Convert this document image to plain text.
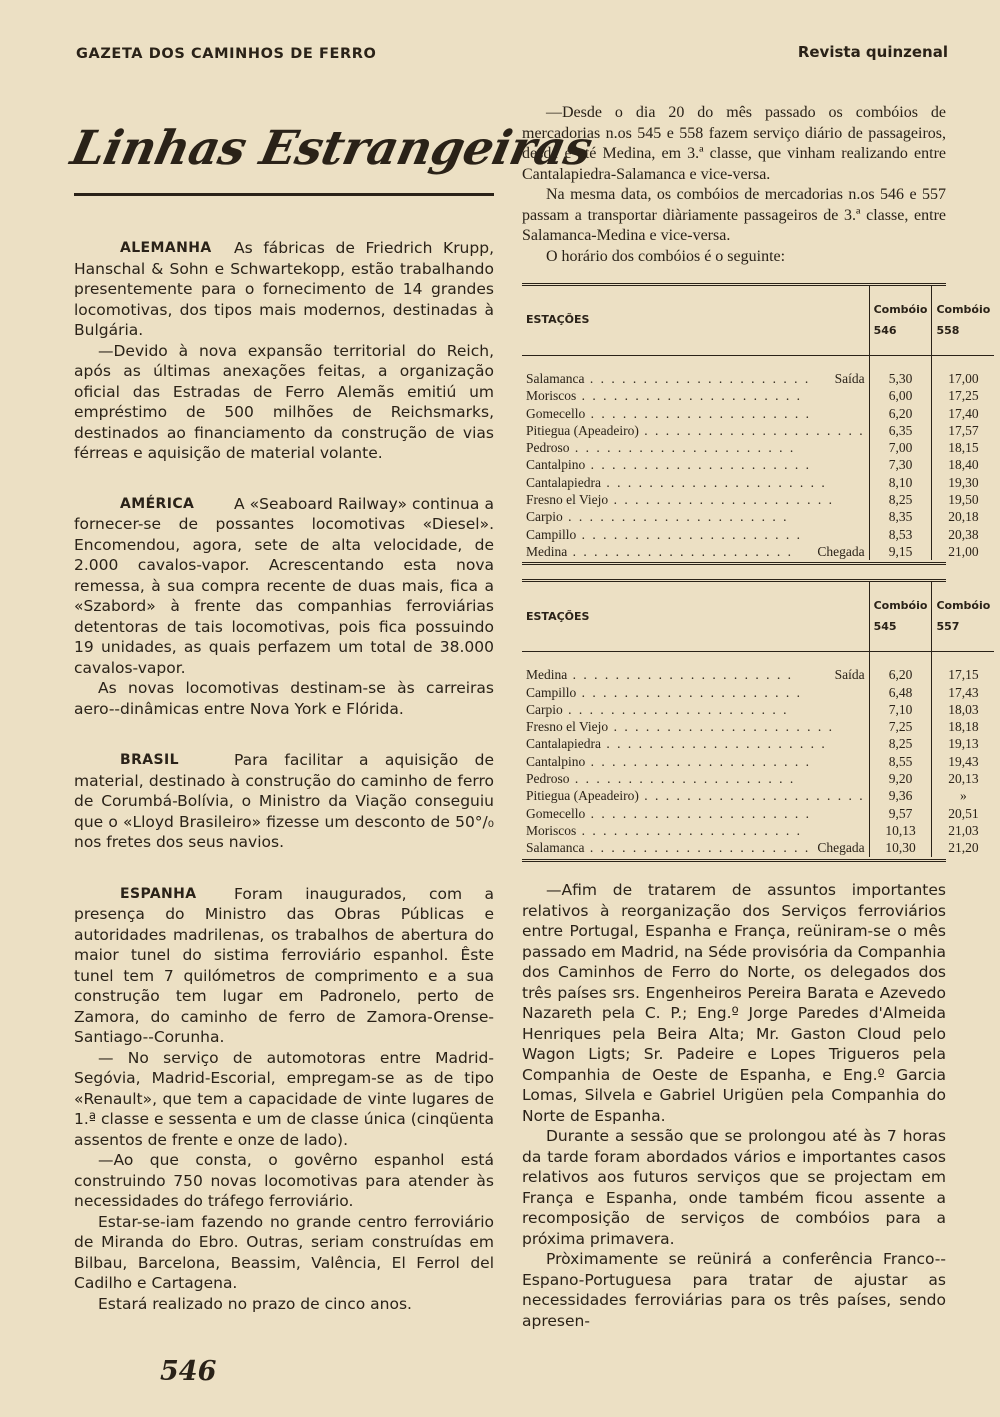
GAZETA DOS CAMINHOS DE FERRO	Revista quinzenal
Linhas Estrangeiras

ALEMANHA	As fábricas de Friedrich Krupp, Hanschal & Sohn e Schwartekopp, estão trabalhando presentemente para o fornecimento de 14 grandes locomotivas, dos tipos mais modernos, destinadas à Bulgária.

—Devido à nova expansão territorial do Reich, após as últimas anexações feitas, a organização oficial das Estradas de Ferro Alemãs emitiú um empréstimo de 500 milhões de Reichsmarks, destinados ao financiamento da construção de vias férreas e aquisição de material volante.

AMÉRICA	A «Seaboard Railway» continua a fornecer-se de possantes locomotivas «Diesel». Encomendou, agora, sete de alta velocidade, de 2.000 cavalos-vapor. Acrescentando esta nova remessa, à sua compra recente de duas mais, fica a «Szabord» à frente das companhias ferroviárias detentoras de tais locomotivas, pois fica possuindo 19 unidades, as quais perfazem um total de 38.000 cavalos-vapor.

As novas locomotivas destinam-se às carreiras aero--dinâmicas entre Nova York e Flórida.

BRASIL	Para facilitar a aquisição de material, destinado à construção do caminho de ferro de Corumbá-Bolívia, o Ministro da Viação conseguiu que o «Lloyd Brasileiro» fizesse um desconto de 50°/₀ nos fretes dos seus navios.

ESPANHA	Foram inaugurados, com a presença do Ministro das Obras Públicas e autoridades madrilenas, os trabalhos de abertura do maior tunel do sistima ferroviário espanhol. Êste tunel tem 7 quilómetros de comprimento e a sua construção tem lugar em Padronelo, perto de Zamora, do caminho de ferro de Zamora-Orense-Santiago--Corunha.

— No serviço de automotoras entre Madrid-Segóvia, Madrid-Escorial, empregam-se as de tipo «Renault», que tem a capacidade de vinte lugares de 1.ª classe e sessenta e um de classe única (cinqüenta assentos de frente e onze de lado).

—Ao que consta, o govêrno espanhol está construindo 750 novas locomotivas para atender às necessidades do tráfego ferroviário.

Estar-se-iam fazendo no grande centro ferroviário de Miranda do Ebro. Outras, seriam construídas em Bilbau, Barcelona, Beassim, Valência, El Ferrol del Cadilho e Cartagena.

Estará realizado no prazo de cinco anos.

—Desde o dia 20 do mês passado os combóios de mercadorias n.os 545 e 558 fazem serviço diário de passageiros, desde e até Medina, em 3.ª classe, que vinham realizando entre Cantalapiedra-Salamanca e vice-versa.

Na mesma data, os combóios de mercadorias n.os 546 e 557 passam a transportar diàriamente passageiros de 3.ª classe, entre Salamanca-Medina e vice-versa.

O horário dos combóios é o seguinte:

ESTAÇÕES	Combóio 546	Combóio 558

Salamanca . . . . . . . . . . . . . . . . . . . . . Saída	5,30	17,00

Moriscos . . . . . . . . . . . . . . . . . . . . .	6,00	17,25

Gomecello . . . . . . . . . . . . . . . . . . . . .	6,20	17,40

Pitiegua (Apeadeiro) . . . . . . . . . . . . . . . . . . . . .	6,35	17,57

Pedroso . . . . . . . . . . . . . . . . . . . . .	7,00	18,15

Cantalpino . . . . . . . . . . . . . . . . . . . . .	7,30	18,40

Cantalapiedra . . . . . . . . . . . . . . . . . . . . .	8,10	19,30

Fresno el Viejo . . . . . . . . . . . . . . . . . . . . .	8,25	19,50

Carpio . . . . . . . . . . . . . . . . . . . . .	8,35	20,18

Campillo . . . . . . . . . . . . . . . . . . . . .	8,53	20,38

Medina . . . . . . . . . . . . . . . . . . . . . Chegada	9,15	21,00
ESTAÇÕES	Combóio 545	Combóio 557

Medina . . . . . . . . . . . . . . . . . . . . . Saída	6,20	17,15

Campillo . . . . . . . . . . . . . . . . . . . . .	6,48	17,43

Carpio . . . . . . . . . . . . . . . . . . . . .	7,10	18,03

Fresno el Viejo . . . . . . . . . . . . . . . . . . . . .	7,25	18,18

Cantalapiedra . . . . . . . . . . . . . . . . . . . . .	8,25	19,13

Cantalpino . . . . . . . . . . . . . . . . . . . . .	8,55	19,43

Pedroso . . . . . . . . . . . . . . . . . . . . .	9,20	20,13

Pitiegua (Apeadeiro) . . . . . . . . . . . . . . . . . . . . .	9,36	»

Gomecello . . . . . . . . . . . . . . . . . . . . .	9,57	20,51

Moriscos . . . . . . . . . . . . . . . . . . . . .	10,13	21,03

Salamanca . . . . . . . . . . . . . . . . . . . . . Chegada	10,30	21,20

—Afim de tratarem de assuntos importantes relativos à reorganização dos Serviços ferroviários entre Portugal, Espanha e França, reüniram-se o mês passado em Madrid, na Séde provisória da Companhia dos Caminhos de Ferro do Norte, os delegados dos três países srs. Engenheiros Pereira Barata e Azevedo Nazareth pela C. P.; Eng.º Jorge Paredes d'Almeida Henriques pela Beira Alta; Mr. Gaston Cloud pelo Wagon Ligts; Sr. Padeire e Lopes Trigueros pela Companhia de Oeste de Espanha, e Eng.º Garcia Lomas, Silvela e Gabriel Urigüen pela Companhia do Norte de Espanha.

Durante a sessão que se prolongou até às 7 horas da tarde foram abordados vários e importantes casos relativos aos futuros serviços que se projectam em França e Espanha, onde também ficou assente a recomposição de serviços de combóios para a próxima primavera.

Pròximamente se reünirá a conferência Franco--Espano-Portuguesa para tratar de ajustar as necessidades ferroviárias para os três países, sendo apresen-

546
